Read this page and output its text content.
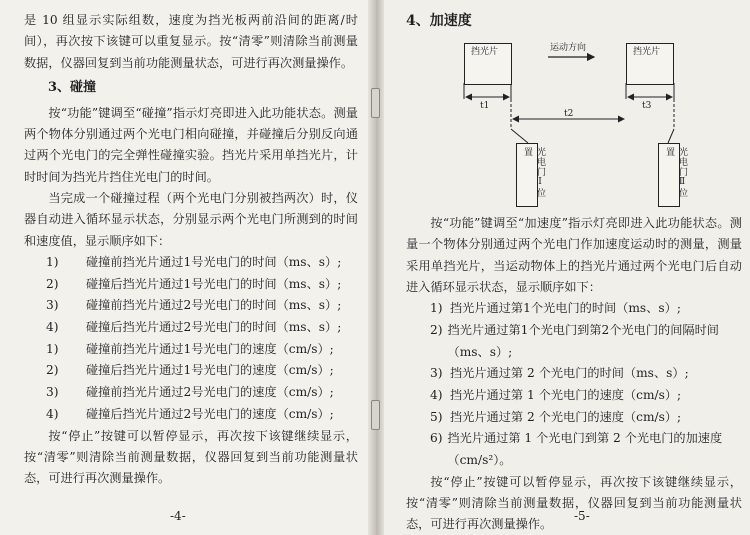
是 10 组显示实际组数，速度为挡光板两前沿间的距离/时间），再次按下该键可以重复显示。按“清零”则清除当前测量数据，仪器回复到当前功能测量状态，可进行再次测量操作。

3、碰撞

按“功能”键调至“碰撞”指示灯亮即进入此功能状态。测量两个物体分别通过两个光电门相向碰撞，并碰撞后分别反向通过两个光电门的完全弹性碰撞实验。挡光片采用单挡光片，计时时间为挡光片挡住光电门的时间。

当完成一个碰撞过程（两个光电门分别被挡两次）时，仪器自动进入循环显示状态，分别显示两个光电门所测到的时间和速度值，显示顺序如下：

1)	碰撞前挡光片通过1号光电门的时间（ms、s）;
2)	碰撞后挡光片通过1号光电门的时间（ms、s）;
3)	碰撞前挡光片通过2号光电门的时间（ms、s）;
4)	碰撞后挡光片通过2号光电门的时间（ms、s）;
1)	碰撞前挡光片通过1号光电门的速度（cm/s）;
2)	碰撞后挡光片通过1号光电门的速度（cm/s）;
3)	碰撞前挡光片通过2号光电门的速度（cm/s）;
4)	碰撞后挡光片通过2号光电门的速度（cm/s）;

按“停止”按键可以暂停显示，再次按下该键继续显示，按“清零”则清除当前测量数据，仪器回复到当前功能测量状态，可进行再次测量操作。

-4-
4、加速度
挡光片	挡光片
运动方向
t1	t3
t2
光电门Ⅰ位置	光电门Ⅱ位置

按“功能”键调至“加速度”指示灯亮即进入此功能状态。测量一个物体分别通过两个光电门作加速度运动时的测量，测量采用单挡光片，当运动物体上的挡光片通过两个光电门后自动进入循环显示状态，显示顺序如下：

1) 挡光片通过第1个光电门的时间（ms、s）;
2) 挡光片通过第1个光电门到第2个光电门的间隔时间（ms、s）;
3) 挡光片通过第 2 个光电门的时间（ms、s）;
4) 挡光片通过第 1 个光电门的速度（cm/s）;
5) 挡光片通过第 2 个光电门的速度（cm/s）;
6) 挡光片通过第 1 个光电门到第 2 个光电门的加速度（cm/s²）。

按“停止”按键可以暂停显示，再次按下该键继续显示，按“清零”则清除当前测量数据，仪器回复到当前功能测量状态，可进行再次测量操作。

-5-
